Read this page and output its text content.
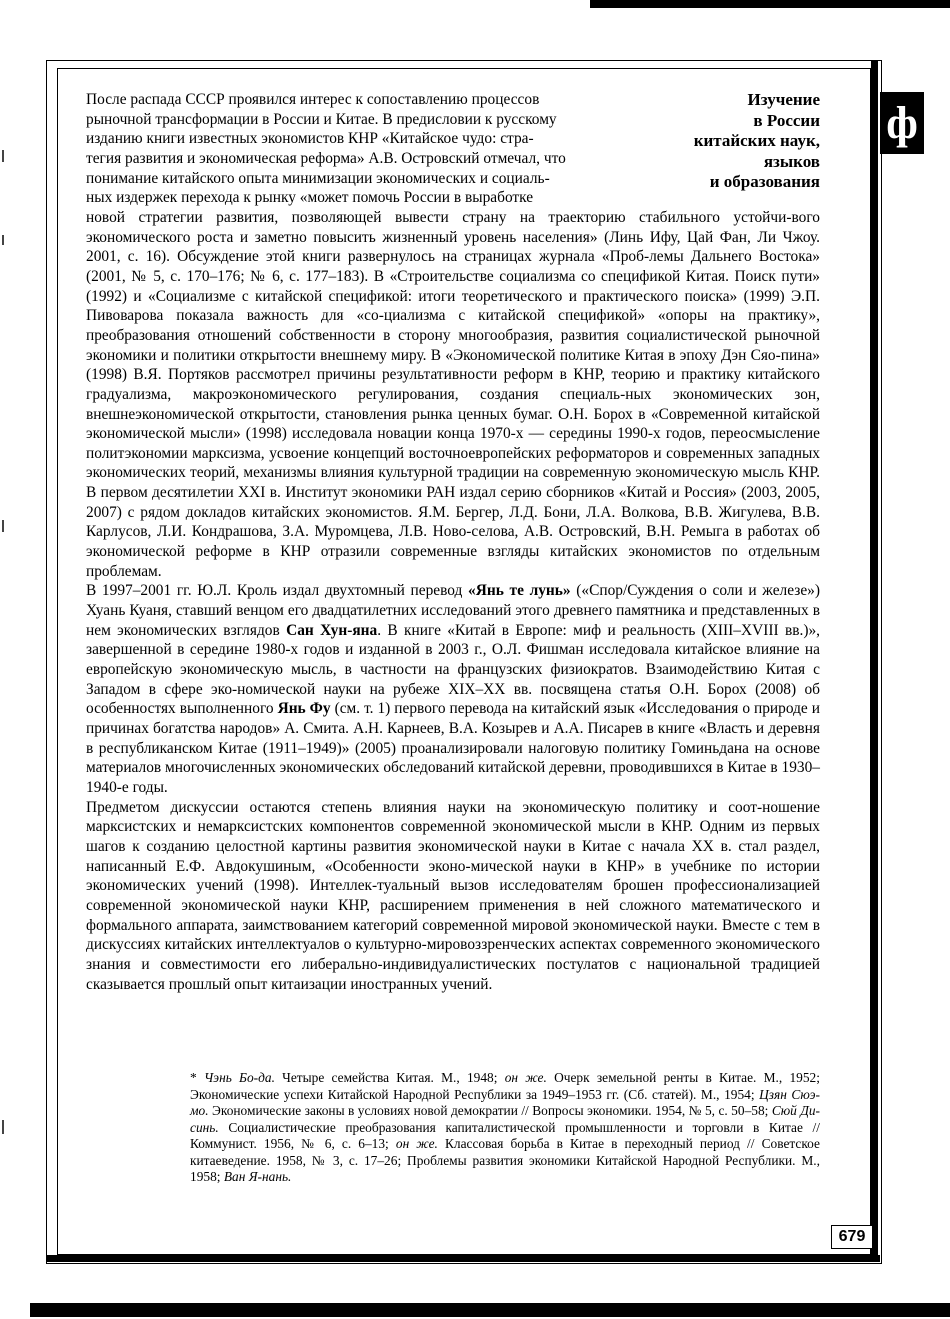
ф
Изучение
в России
китайских наук,
языков
и образования

После распада СССР проявился интерес к сопоставлению процессов

рыночной трансформации в России и Китае. В предисловии к русскому

изданию книги известных экономистов КНР «Китайское чудо: стра-

тегия развития и экономическая реформа» А.В. Островский отмечал, что

понимание китайского опыта минимизации экономических и социаль-

ных издержек перехода к рынку «может помочь России в выработке

новой стратегии развития, позволяющей вывести страну на траекторию стабильного устойчи-вого экономического роста и заметно повысить жизненный уровень населения» (Линь Ифу, Цай Фан, Ли Чжоу. 2001, с. 16). Обсуждение этой книги развернулось на страницах журнала «Проб-лемы Дальнего Востока» (2001, № 5, с. 170–176; № 6, с. 177–183). В «Строительстве социализма со спецификой Китая. Поиск пути» (1992) и «Социализме с китайской спецификой: итоги теоретического и практического поиска» (1999) Э.П. Пивоварова показала важность для «со-циализма с китайской спецификой» «опоры на практику», преобразования отношений собственности в сторону многообразия, развития социалистической рыночной экономики и политики открытости внешнему миру. В «Экономической политике Китая в эпоху Дэн Сяо-пина» (1998) В.Я. Портяков рассмотрел причины результативности реформ в КНР, теорию и практику китайского градуализма, макроэкономического регулирования, создания специаль-ных экономических зон, внешнеэкономической открытости, становления рынка ценных бумаг. О.Н. Борох в «Современной китайской экономической мысли» (1998) исследовала новации конца 1970-х — середины 1990-х годов, переосмысление политэкономии марксизма, усвоение концепций восточноевропейских реформаторов и современных западных экономических теорий, механизмы влияния культурной традиции на современную экономическую мысль КНР. В первом десятилетии XXI в. Институт экономики РАН издал серию сборников «Китай и Россия» (2003, 2005, 2007) с рядом докладов китайских экономистов. Я.М. Бергер, Л.Д. Бони, Л.А. Волкова, В.В. Жигулева, В.В. Карлусов, Л.И. Кондрашова, З.А. Муромцева, Л.В. Ново-селова, А.В. Островский, В.Н. Ремыга в работах об экономической реформе в КНР отразили современные взгляды китайских экономистов по отдельным проблемам.

В 1997–2001 гг. Ю.Л. Кроль издал двухтомный перевод «Янь те лунь» («Спор/Суждения о соли и железе») Хуань Куаня, ставший венцом его двадцатилетних исследований этого древнего памятника и представленных в нем экономических взглядов Сан Хун-яна. В книге «Китай в Европе: миф и реальность (XIII–XVIII вв.)», завершенной в середине 1980-х годов и изданной в 2003 г., О.Л. Фишман исследовала китайское влияние на европейскую экономическую мысль, в частности на французских физиократов. Взаимодействию Китая с Западом в сфере эко-номической науки на рубеже XIX–XX вв. посвящена статья О.Н. Борох (2008) об особенностях выполненного Янь Фу (см. т. 1) первого перевода на китайский язык «Исследования о природе и причинах богатства народов» А. Смита. А.Н. Карнеев, В.А. Козырев и А.А. Писарев в книге «Власть и деревня в республиканском Китае (1911–1949)» (2005) проанализировали налоговую политику Гоминьдана на основе материалов многочисленных экономических обследований китайской деревни, проводившихся в Китае в 1930–1940-е годы.

Предметом дискуссии остаются степень влияния науки на экономическую политику и соот-ношение марксистских и немарксистских компонентов современной экономической мысли в КНР. Одним из первых шагов к созданию целостной картины развития экономической науки в Китае с начала XX в. стал раздел, написанный Е.Ф. Авдокушиным, «Особенности эконо-мической науки в КНР» в учебнике по истории экономических учений (1998). Интеллек-туальный вызов исследователям брошен профессионализацией современной экономической науки КНР, расширением применения в ней сложного математического и формального аппарата, заимствованием категорий современной мировой экономической науки. Вместе с тем в дискуссиях китайских интеллектуалов о культурно-мировоззренческих аспектах современного экономического знания и совместимости его либерально-индивидуалистических постулатов с национальной традицией сказывается прошлый опыт китаизации иностранных учений.

* Чэнь Бо-да. Четыре семейства Китая. М., 1948; он же. Очерк земельной ренты в Китае. М., 1952; Экономические успехи Китайской Народной Республики за 1949–1953 гг. (Сб. статей). М., 1954; Цзян Сюэ-мо. Экономические законы в условиях новой демократии // Вопросы экономики. 1954, № 5, с. 50–58; Сюй Ди-синь. Социалистические преобразования капиталистической промышленности и торговли в Китае // Коммунист. 1956, № 6, с. 6–13; он же. Классовая борьба в Китае в переходный период // Советское китаеведение. 1958, № 3, с. 17–26; Проблемы развития экономики Китайской Народной Республики. М., 1958; Ван Я-нань.

679
